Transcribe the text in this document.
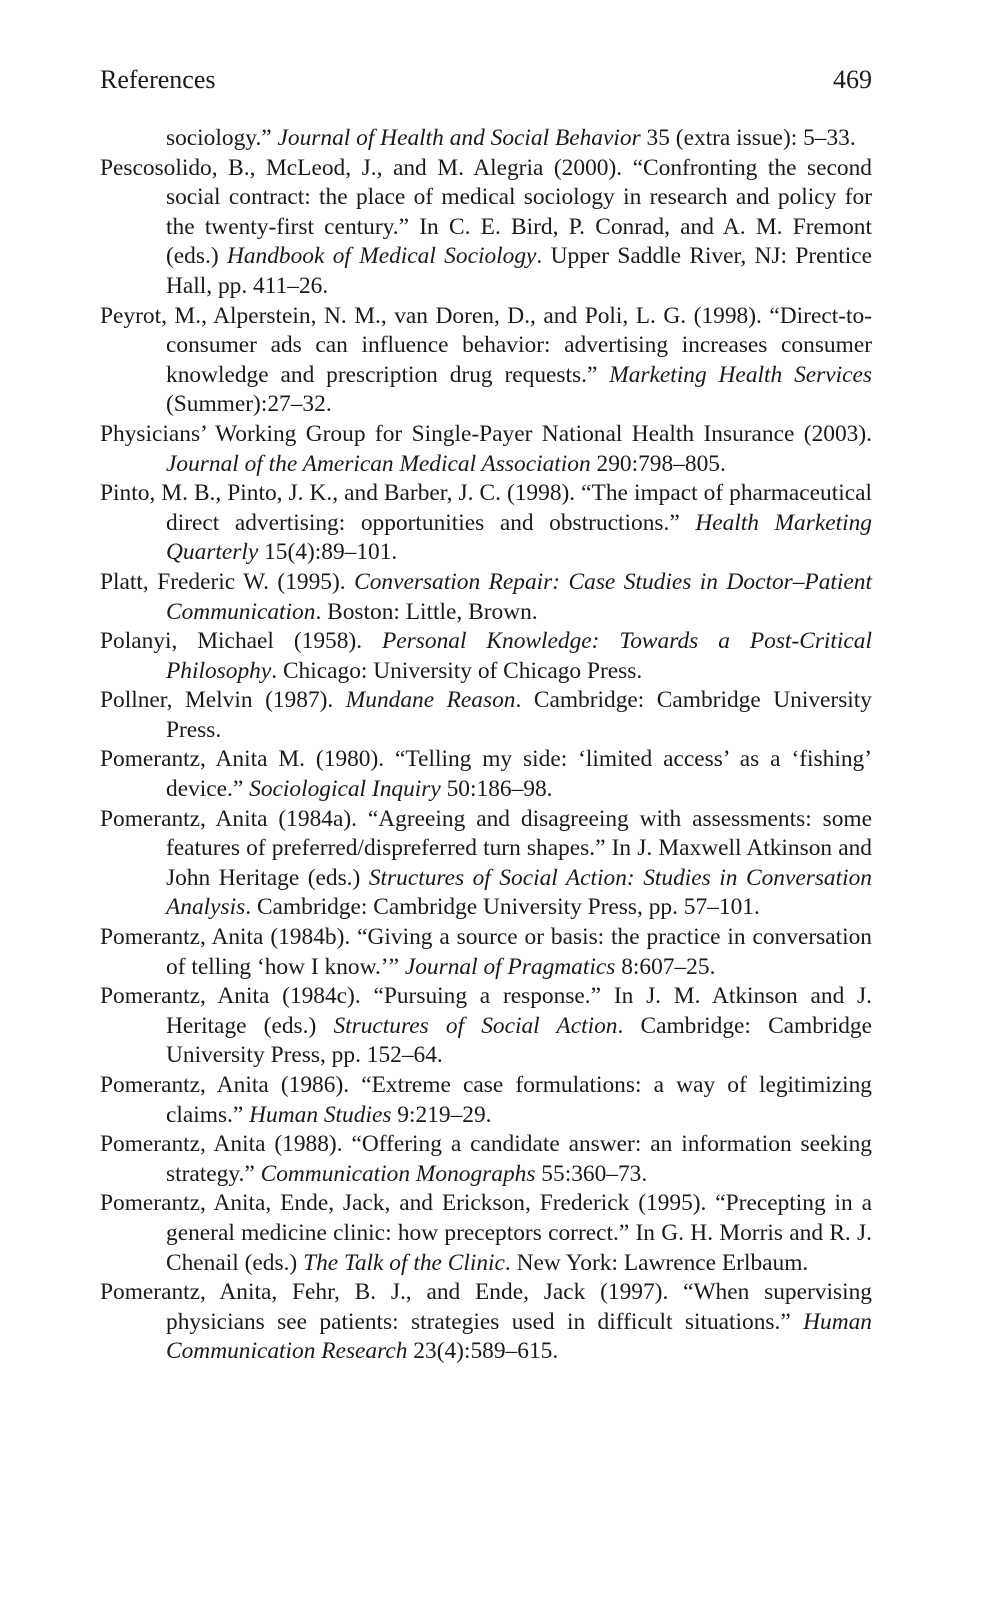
References	469

sociology.” Journal of Health and Social Behavior 35 (extra issue): 5–33.

Pescosolido, B., McLeod, J., and M. Alegria (2000). “Confronting the second social contract: the place of medical sociology in research and policy for the twenty-first century.” In C. E. Bird, P. Conrad, and A. M. Fremont (eds.) Handbook of Medical Sociology. Upper Saddle River, NJ: Prentice Hall, pp. 411–26.

Peyrot, M., Alperstein, N. M., van Doren, D., and Poli, L. G. (1998). “Direct-to-consumer ads can influence behavior: advertising increases consumer knowledge and prescription drug requests.” Marketing Health Services (Summer):27–32.

Physicians’ Working Group for Single-Payer National Health Insurance (2003). Journal of the American Medical Association 290:798–805.

Pinto, M. B., Pinto, J. K., and Barber, J. C. (1998). “The impact of pharmaceutical direct advertising: opportunities and obstructions.” Health Marketing Quarterly 15(4):89–101.

Platt, Frederic W. (1995). Conversation Repair: Case Studies in Doctor–Patient Communication. Boston: Little, Brown.

Polanyi, Michael (1958). Personal Knowledge: Towards a Post-Critical Philosophy. Chicago: University of Chicago Press.

Pollner, Melvin (1987). Mundane Reason. Cambridge: Cambridge University Press.

Pomerantz, Anita M. (1980). “Telling my side: ‘limited access’ as a ‘fishing’ device.” Sociological Inquiry 50:186–98.

Pomerantz, Anita (1984a). “Agreeing and disagreeing with assessments: some features of preferred/dispreferred turn shapes.” In J. Maxwell Atkinson and John Heritage (eds.) Structures of Social Action: Studies in Conversation Analysis. Cambridge: Cambridge University Press, pp. 57–101.

Pomerantz, Anita (1984b). “Giving a source or basis: the practice in conversation of telling ‘how I know.’” Journal of Pragmatics 8:607–25.

Pomerantz, Anita (1984c). “Pursuing a response.” In J. M. Atkinson and J. Heritage (eds.) Structures of Social Action. Cambridge: Cambridge University Press, pp. 152–64.

Pomerantz, Anita (1986). “Extreme case formulations: a way of legitimizing claims.” Human Studies 9:219–29.

Pomerantz, Anita (1988). “Offering a candidate answer: an information seeking strategy.” Communication Monographs 55:360–73.

Pomerantz, Anita, Ende, Jack, and Erickson, Frederick (1995). “Precepting in a general medicine clinic: how preceptors correct.” In G. H. Morris and R. J. Chenail (eds.) The Talk of the Clinic. New York: Lawrence Erlbaum.

Pomerantz, Anita, Fehr, B. J., and Ende, Jack (1997). “When supervising physicians see patients: strategies used in difficult situations.” Human Communication Research 23(4):589–615.
